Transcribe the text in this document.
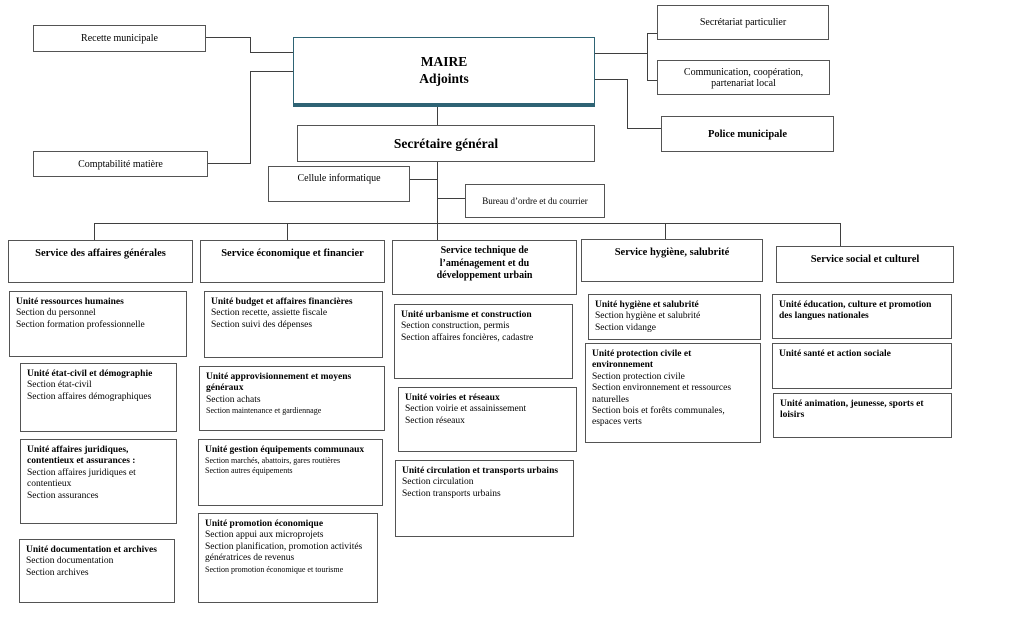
Recette municipale
Comptabilité matière
MAIRE
Adjoints
Secrétariat particulier
Communication, coopération, partenariat local
Police municipale
Secrétaire général
Cellule informatique
Bureau d’ordre et du courrier
Service des affaires générales	Service économique et financier	Service technique de l’aménagement et du développement urbain
Service hygiène, salubrité
Service social et culturel
Unité ressources humaines
Section du personnel
Section formation professionnelle
Unité état-civil et démographie
Section état-civil
Section affaires démographiques
Unité affaires juridiques, contentieux et assurances :
Section affaires juridiques et contentieux
Section assurances
Unité documentation et archives
Section documentation
Section archives
Unité budget et affaires financières
Section recette, assiette fiscale
Section suivi des dépenses
Unité approvisionnement et moyens généraux
Section achats
Section maintenance et gardiennage
Unité gestion équipements communaux
Section marchés, abattoirs, gares routières
Section autres équipements
Unité promotion économique
Section appui aux microprojets
Section planification, promotion activités génératrices de revenus
Section promotion économique et tourisme
Unité urbanisme et construction
Section construction, permis
Section affaires foncières, cadastre
Unité voiries et réseaux
Section voirie et assainissement
Section réseaux
Unité circulation et transports urbains
Section circulation
Section transports urbains
Unité hygiène et salubrité
Section hygiène et salubrité
Section vidange
Unité protection civile et environnement
Section protection civile
Section environnement et ressources naturelles
Section bois et forêts communales, espaces verts
Unité éducation, culture et promotion des langues nationales
Unité santé et action sociale
Unité animation, jeunesse, sports et loisirs
